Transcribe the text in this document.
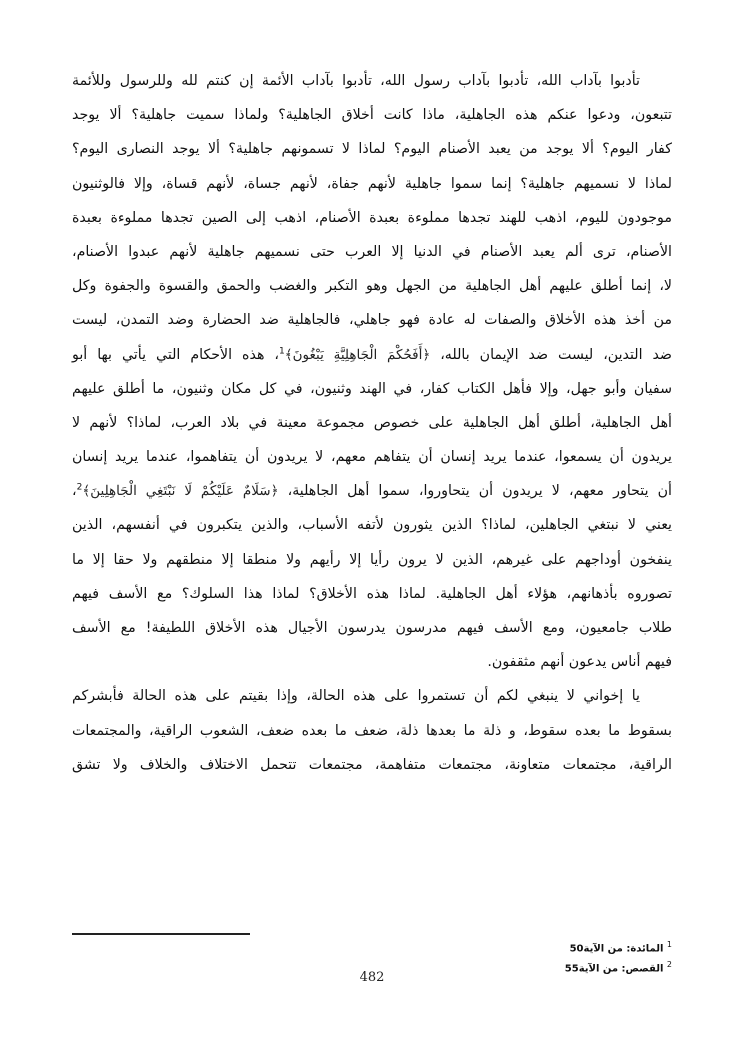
تأدبوا بآداب الله، تأدبوا بآداب رسول الله، تأدبوا بآداب الأئمة إن كنتم لله وللرسول وللأئمة
تتبعون، ودعوا عنكم هذه الجاهلية، ماذا كانت أخلاق الجاهلية؟ ولماذا سميت جاهلية؟ ألا يوجد
كفار اليوم؟ ألا يوجد من يعبد الأصنام اليوم؟ لماذا لا تسمونهم جاهلية؟ ألا يوجد النصارى اليوم؟
لماذا لا نسميهم جاهلية؟ إنما سموا جاهلية لأنهم جفاة، لأنهم جساة، لأنهم قساة، وإلا فالوثنيون
موجودون لليوم، اذهب للهند تجدها مملوءة بعبدة الأصنام، اذهب إلى الصين تجدها مملوءة بعبدة
الأصنام، ترى ألم يعبد الأصنام في الدنيا إلا العرب حتى نسميهم جاهلية لأنهم عبدوا الأصنام،
لا، إنما أطلق عليهم أهل الجاهلية من الجهل وهو التكبر والغضب والحمق والقسوة والجفوة وكل
من أخذ هذه الأخلاق والصفات له عادة فهو جاهلي، فالجاهلية ضد الحضارة وضد التمدن، ليست
ضد التدين، ليست ضد الإيمان بالله، ﴿أَفَحُكْمَ الْجَاهِلِيَّةِ يَبْغُونَ﴾$^1$، هذه الأحكام التي يأتي بها أبو
سفيان وأبو جهل، وإلا فأهل الكتاب كفار، في الهند وثنيون، في كل مكان وثنيون، ما أطلق عليهم
أهل الجاهلية، أطلق أهل الجاهلية على خصوص مجموعة معينة في بلاد العرب، لماذا؟ لأنهم لا
يريدون أن يسمعوا، عندما يريد إنسان أن يتفاهم معهم، لا يريدون أن يتفاهموا، عندما يريد إنسان
أن يتحاور معهم، لا يريدون أن يتحاوروا، سموا أهل الجاهلية، ﴿سَلَامٌ عَلَيْكُمْ لَا نَبْتَغِي الْجَاهِلِينَ﴾$^2$،
يعني لا نبتغي الجاهلين، لماذا؟ الذين يثورون لأتفه الأسباب، والذين يتكبرون في أنفسهم، الذين
ينفخون أوداجهم على غيرهم، الذين لا يرون رأيا إلا رأيهم ولا منطقا إلا منطقهم ولا حقا إلا ما
تصوروه بأذهانهم، هؤلاء أهل الجاهلية. لماذا هذه الأخلاق؟ لماذا هذا السلوك؟ مع الأسف فيهم
طلاب جامعيون، ومع الأسف فيهم مدرسون يدرسون الأجيال هذه الأخلاق اللطيفة! مع الأسف
فيهم أناس يدعون أنهم مثقفون.
يا إخواني لا ينبغي لكم أن تستمروا على هذه الحالة، وإذا بقيتم على هذه الحالة فأبشركم
بسقوط ما بعده سقوط، و ذلة ما بعدها ذلة، ضعف ما بعده ضعف، الشعوب الراقية، والمجتمعات
الراقية، مجتمعات متعاونة، مجتمعات متفاهمة، مجتمعات تتحمل الاختلاف والخلاف ولا تشق
$^1$ المائدة: من الآية50
$^2$ القصص: من الآية55
482
